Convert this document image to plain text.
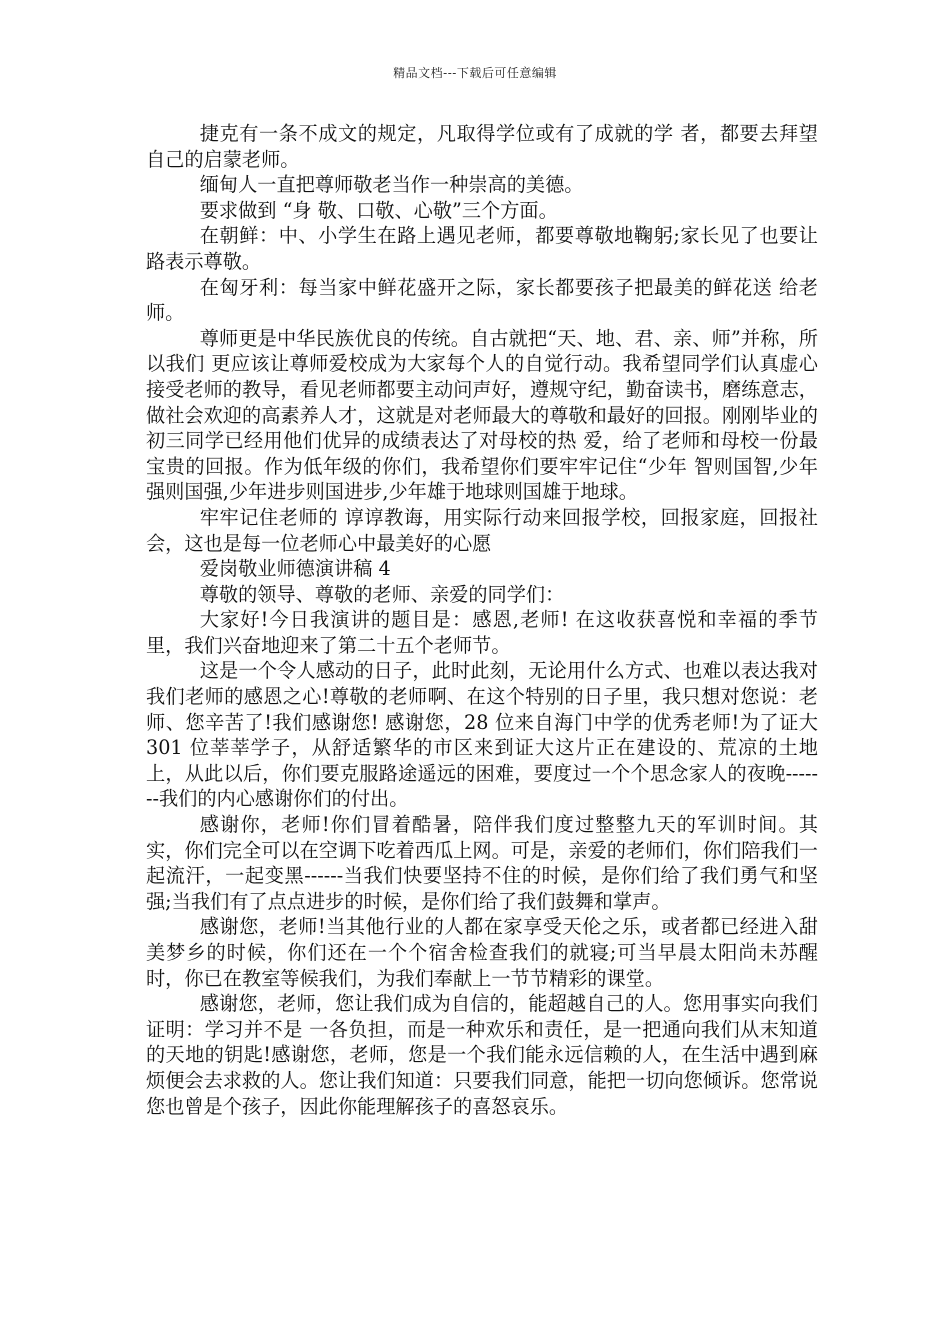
精品文档---下载后可任意编辑

捷克有一条不成文的规定，凡取得学位或有了成就的学 者，都要去拜望自己的启蒙老师。

缅甸人一直把尊师敬老当作一种崇高的美德。

要求做到 “身 敬、口敬、心敬”三个方面。

在朝鲜：中、小学生在路上遇见老师，都要尊敬地鞠躬;家长见了也要让路表示尊敬。

在匈牙利：每当家中鲜花盛开之际，家长都要孩子把最美的鲜花送 给老师。

尊师更是中华民族优良的传统。自古就把“天、地、君、亲、师”并称，所以我们 更应该让尊师爱校成为大家每个人的自觉行动。我希望同学们认真虚心接受老师的教导，看见老师都要主动问声好，遵规守纪，勤奋读书，磨练意志，做社会欢迎的高素养人才，这就是对老师最大的尊敬和最好的回报。刚刚毕业的初三同学已经用他们优异的成绩表达了对母校的热 爱，给了老师和母校一份最宝贵的回报。作为低年级的你们，我希望你们要牢牢记住“少年 智则国智,少年强则国强,少年进步则国进步,少年雄于地球则国雄于地球。

牢牢记住老师的 谆谆教诲，用实际行动来回报学校，回报家庭，回报社会，这也是每一位老师心中最美好的心愿

爱岗敬业师德演讲稿 4

尊敬的领导、尊敬的老师、亲爱的同学们：

大家好!今日我演讲的题目是：感恩,老师! 在这收获喜悦和幸福的季节里，我们兴奋地迎来了第二十五个老师节。

这是一个令人感动的日子，此时此刻，无论用什么方式、也难以表达我对我们老师的感恩之心!尊敬的老师啊、在这个特别的日子里，我只想对您说：老师、您辛苦了!我们感谢您! 感谢您，28 位来自海门中学的优秀老师!为了证大 301 位莘莘学子，从舒适繁华的市区来到证大这片正在建设的、荒凉的土地上，从此以后，你们要克服路途遥远的困难，要度过一个个思念家人的夜晚-------我们的内心感谢你们的付出。

感谢你，老师!你们冒着酷暑，陪伴我们度过整整九天的军训时间。其实，你们完全可以在空调下吃着西瓜上网。可是，亲爱的老师们，你们陪我们一起流汗，一起变黑------当我们快要坚持不住的时候，是你们给了我们勇气和坚强;当我们有了点点进步的时候，是你们给了我们鼓舞和掌声。

感谢您，老师!当其他行业的人都在家享受天伦之乐，或者都已经进入甜美梦乡的时候，你们还在一个个宿舍检查我们的就寝;可当早晨太阳尚未苏醒时，你已在教室等候我们，为我们奉献上一节节精彩的课堂。

感谢您，老师，您让我们成为自信的，能超越自己的人。您用事实向我们证明：学习并不是 一各负担，而是一种欢乐和责任，是一把通向我们从末知道的天地的钥匙!感谢您，老师，您是一个我们能永远信赖的人，在生活中遇到麻烦便会去求救的人。您让我们知道：只要我们同意，能把一切向您倾诉。您常说您也曾是个孩子，因此你能理解孩子的喜怒哀乐。
